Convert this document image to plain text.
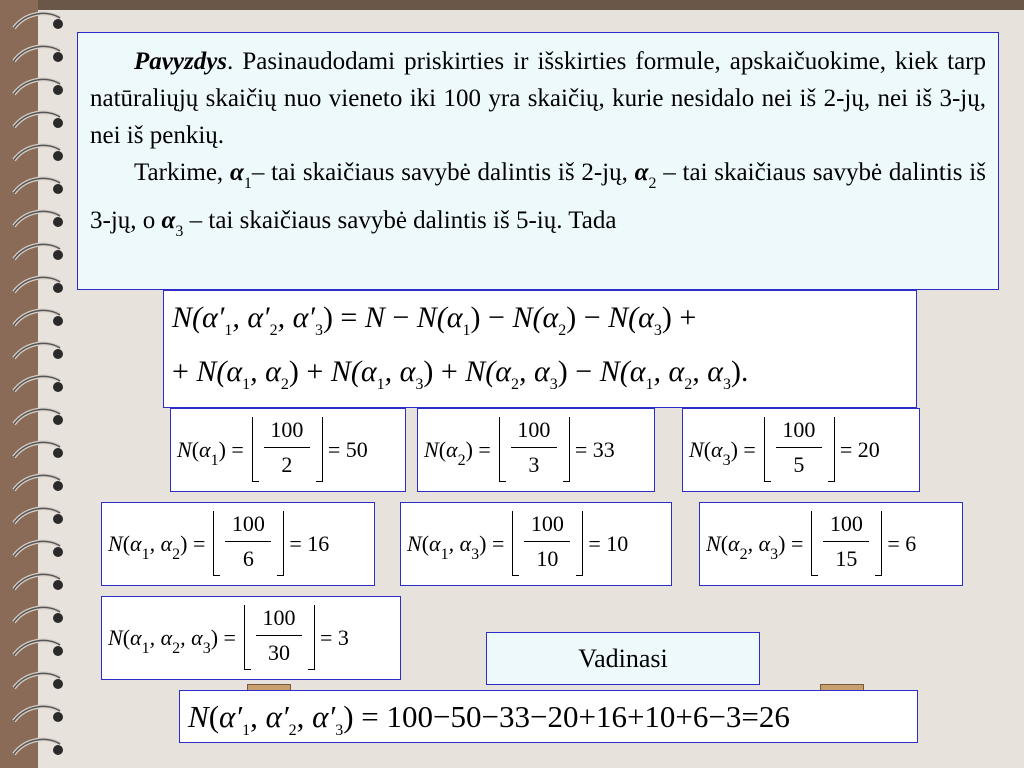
Pavyzdys. Pasinaudodami priskirties ir išskirties formule, apskaičuokime, kiek tarp natūraliųjų skaičių nuo vieneto iki 100 yra skaičių, kurie nesidalo nei iš 2-jų, nei iš 3-jų, nei iš penkių.

Tarkime, $\alpha_1-$ tai skaičiaus savybė dalintis iš 2-jų, $\alpha_2$ – tai skaičiaus savybė dalintis iš 3-jų, o $\alpha_3$ – tai skaičiaus savybė dalintis iš 5-ių. Tada

$N(\alpha'_1$, $\alpha'_2$, $\alpha'_3) = N - N(\alpha_1) - N(\alpha_2) - N(\alpha_3)$ +
+ $N(\alpha_1$, $\alpha_2) + N(\alpha_1$, $\alpha_3) + N(\alpha_2$, $\alpha_3) - N(\alpha_1$, $\alpha_2$, $\alpha_3$).
$N(\alpha_1)$ =
100
2
= 50	$N(\alpha_2)$ =
100
3
= 33	$N(\alpha_3)$ =
100
5
= 20
$N(\alpha_1$, $\alpha_2$) =
100
6
= 16	$N(\alpha_1$, $\alpha_3$) =
100
10
= 10	$N(\alpha_2$, $\alpha_3$) =
100
15
= 6
$N(\alpha_1$, $\alpha_2$, $\alpha_3$) =
100
30
= 3
Vadinasi
$N(\alpha'_1$, $\alpha'_2$, $\alpha'_3) = 100-50-33-20+16+10+6-3=26$
